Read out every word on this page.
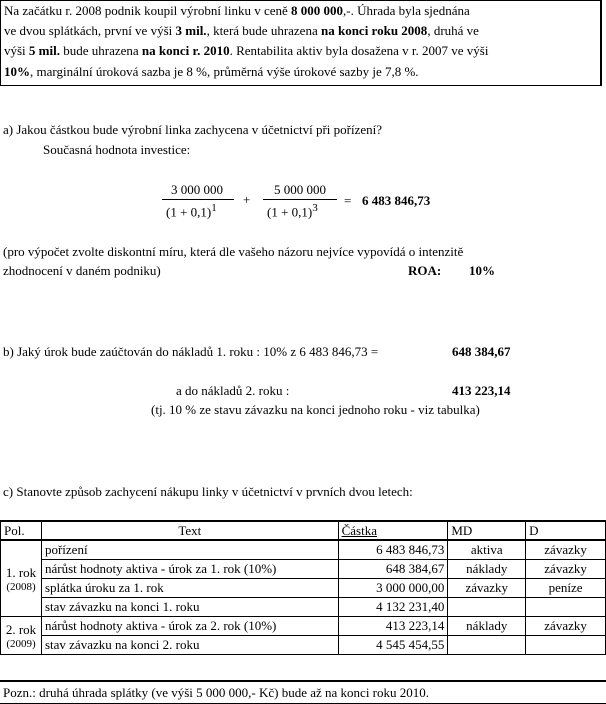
Na začátku r. 2008 podnik koupil výrobní linku v ceně 8 000 000,-. Úhrada byla sjednána
ve dvou splátkách, první ve výši 3 mil., která bude uhrazena na konci roku 2008, druhá ve
výši 5 mil. bude uhrazena na konci r. 2010. Rentabilita aktiv byla dosažena v r. 2007 ve výši
10%, marginální úroková sazba je 8 %, průměrná výše úrokové sazby je 7,8 %.
a) Jakou částkou bude výrobní linka zachycena v účetnictví při pořízení?
Současná hodnota investice:
3 000 000
$(1 + 0,1)^1$
+
5 000 000
$(1 + 0,1)^3 = 6$ 483 846,73
(pro výpočet zvolte diskontní míru, která dle vašeho názoru nejvíce vypovídá o intenzitě
zhodnocení v daném podniku)	ROA: 10%
b) Jaký úrok bude zaúčtován do nákladů 1. roku : 10% z 6 483 846,73 =	648 384,67
a do nákladů 2. roku :	413 223,14
(tj. 10 % ze stavu závazku na konci jednoho roku - viz tabulka)
c) Stanovte způsob zachycení nákupu linky v účetnictví v prvních dvou letech:
Pol.	Text	Částka	MD	D

1. rok
(2008)	pořízení	6 483 846,73	aktiva	závazky
	nárůst hodnoty aktiva - úrok za 1. rok (10%)	648 384,67	náklady	závazky
	splátka úroku za 1. rok	3 000 000,00	závazky	peníze
	stav závazku na konci 1. roku	4 132 231,40		

2. rok
(2009)	nárůst hodnoty aktiva - úrok za 2. rok (10%)	413 223,14	náklady	závazky
	stav závazku na konci 2. roku	4 545 454,55		
Pozn.: druhá úhrada splátky (ve výši 5 000 000,- Kč) bude až na konci roku 2010.
